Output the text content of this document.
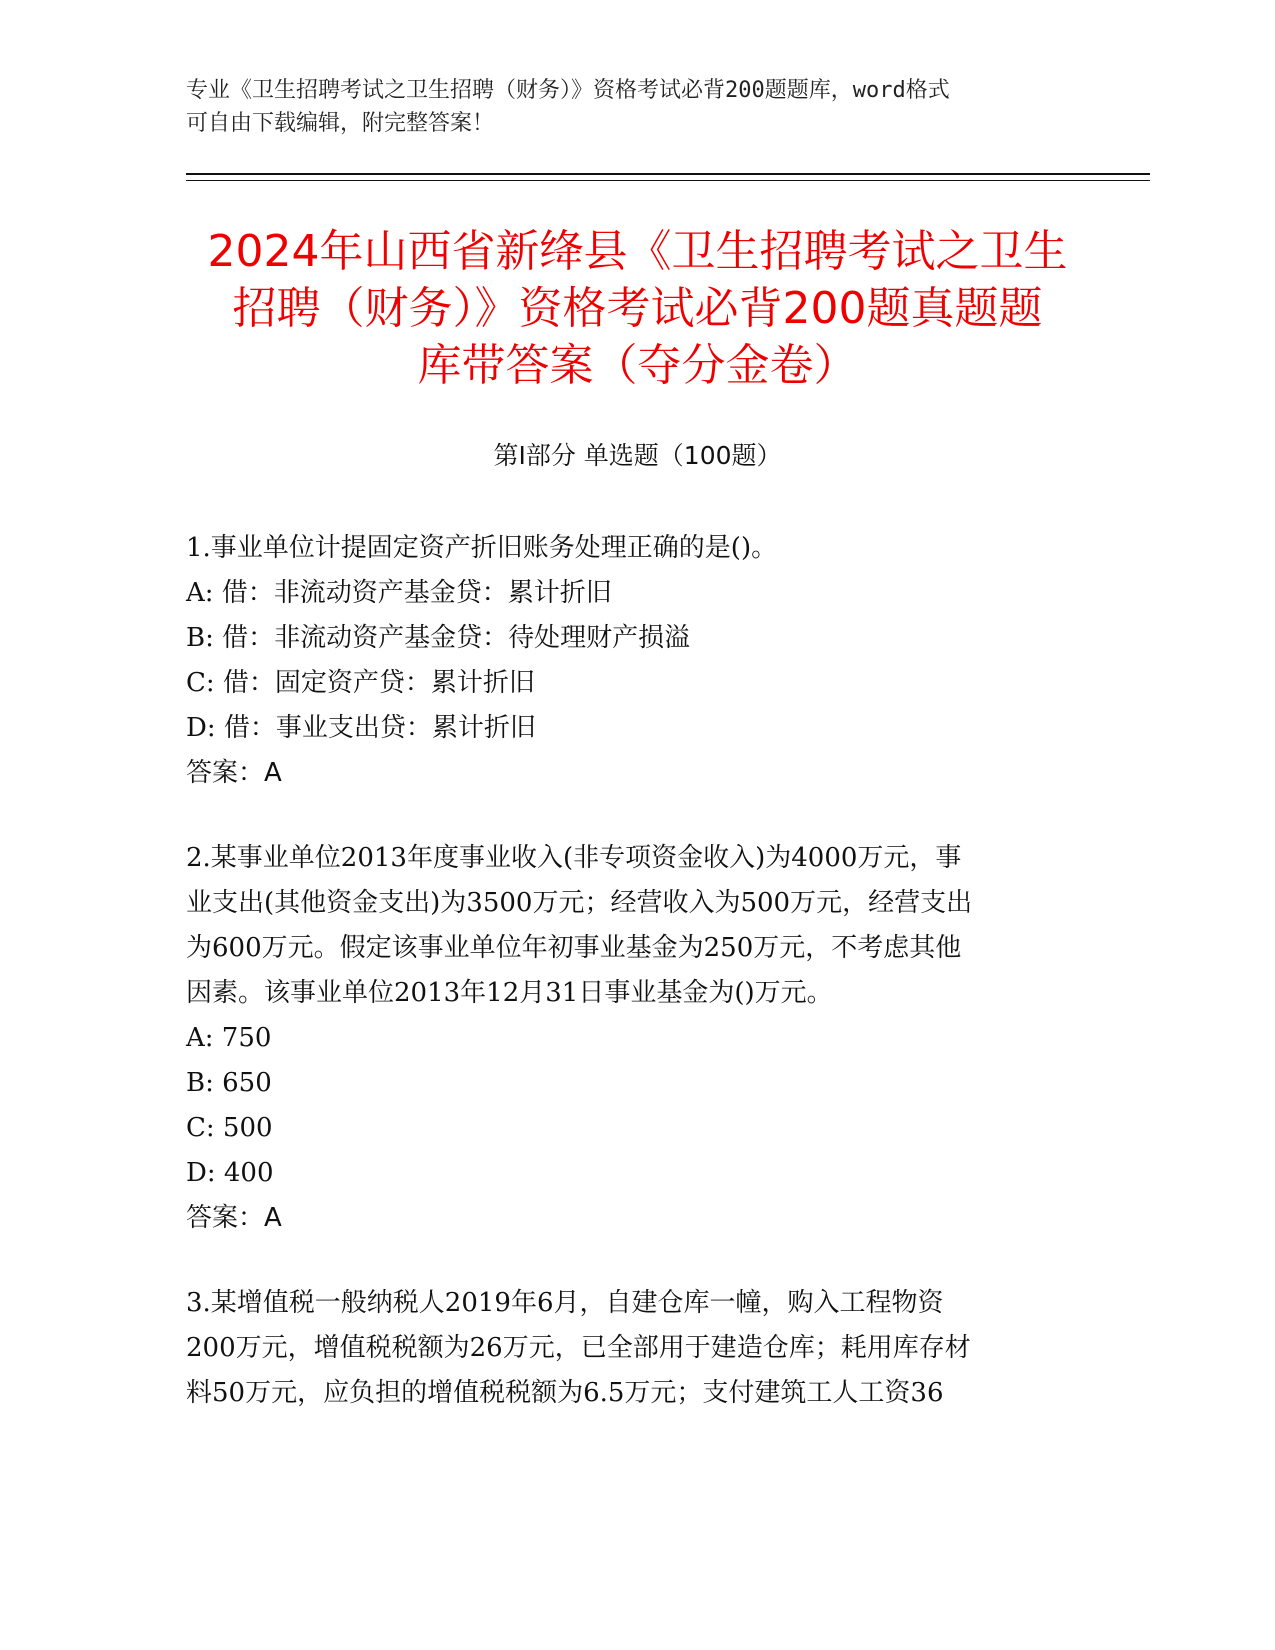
专业《卫生招聘考试之卫生招聘（财务）》资格考试必背200题题库，word格式
可自由下载编辑，附完整答案！
2024年山西省新绛县《卫生招聘考试之卫生
招聘（财务）》资格考试必背200题真题题
库带答案（夺分金卷）
第I部分 单选题（100题）
1.事业单位计提固定资产折旧账务处理正确的是()。
A: 借：非流动资产基金贷：累计折旧
B: 借：非流动资产基金贷：待处理财产损溢
C: 借：固定资产贷：累计折旧
D: 借：事业支出贷：累计折旧
答案：A
2.某事业单位2013年度事业收入(非专项资金收入)为4000万元，事
业支出(其他资金支出)为3500万元；经营收入为500万元，经营支出
为600万元。假定该事业单位年初事业基金为250万元，不考虑其他
因素。该事业单位2013年12月31日事业基金为()万元。
A: 750
B: 650
C: 500
D: 400
答案：A
3.某增值税一般纳税人2019年6月，自建仓库一幢，购入工程物资
200万元，增值税税额为26万元，已全部用于建造仓库；耗用库存材
料50万元，应负担的增值税税额为6.5万元；支付建筑工人工资36
